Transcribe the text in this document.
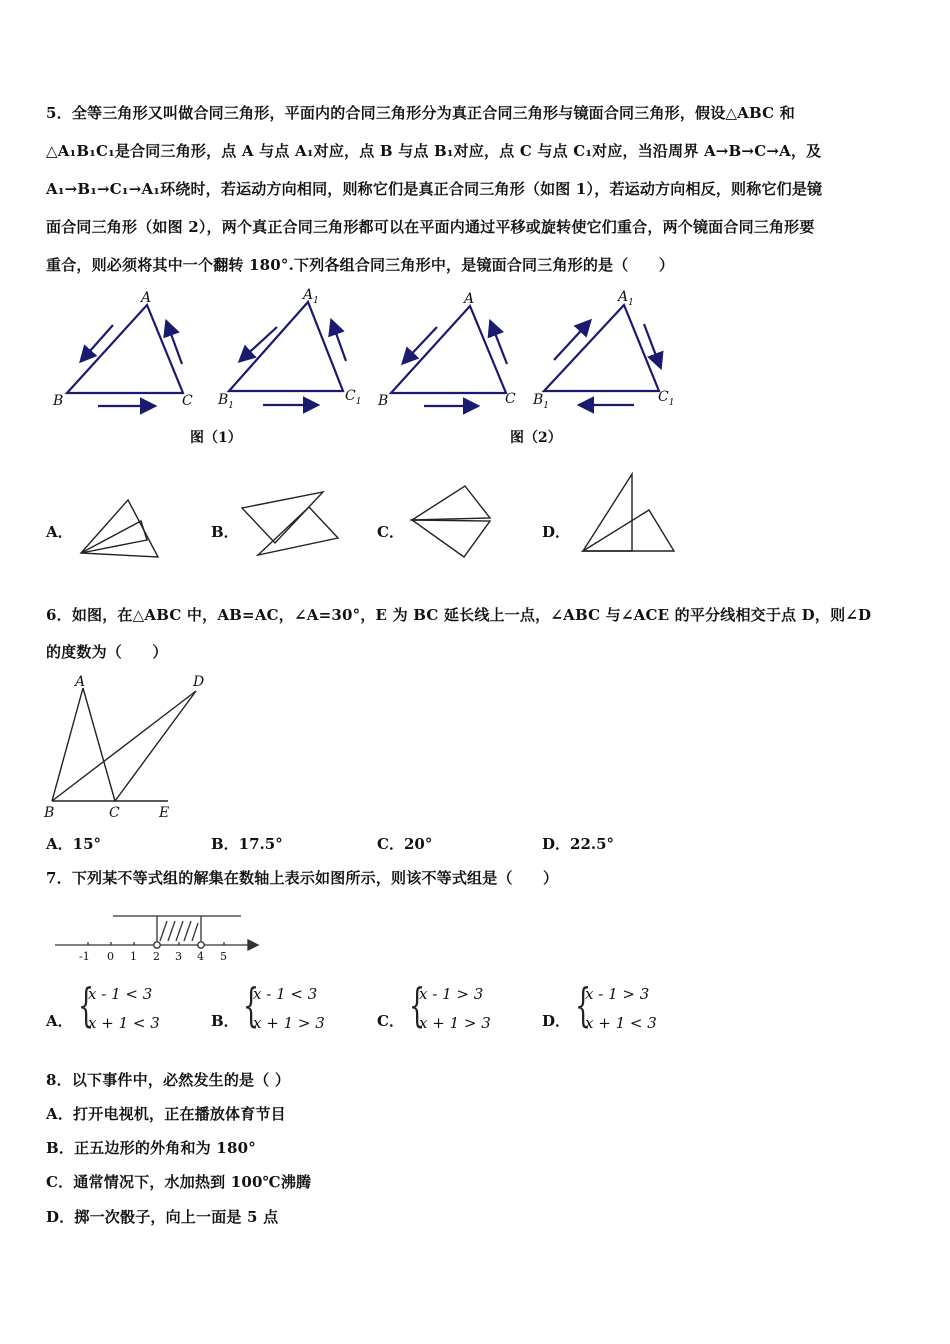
5．全等三角形又叫做合同三角形，平面内的合同三角形分为真正合同三角形与镜面合同三角形，假设△ABC 和
△A₁B₁C₁是合同三角形，点 A 与点 A₁对应，点 B 与点 B₁对应，点 C 与点 C₁对应，当沿周界 A→B→C→A，及
A₁→B₁→C₁→A₁环绕时，若运动方向相同，则称它们是真正合同三角形（如图 1），若运动方向相反，则称它们是镜
面合同三角形（如图 2），两个真正合同三角形都可以在平面内通过平移或旋转使它们重合，两个镜面合同三角形要
重合，则必须将其中一个翻转 180°.下列各组合同三角形中，是镜面合同三角形的是（　　）
A
B	C
$A_1$
$B_1$
$C_1$
A
B	C
$A_1$
$B_1$
$C_1$
A
B	C
D
E
图（1）	图（2）
A．	B．	C．	D．
6．如图，在△ABC 中，AB=AC，∠A=30°，E 为 BC 延长线上一点，∠ABC 与∠ACE 的平分线相交于点 D，则∠D
的度数为（　　）
A．15°	B．17.5°	C．20°	D．22.5°
7．下列某不等式组的解集在数轴上表示如图所示，则该不等式组是（　　）
-1 0 1 2 3 4 5
A． {
x - 1 < 3
x + 1 < 3	B． {
x - 1 < 3
x + 1 > 3	C． {
x - 1 > 3
x + 1 > 3	D． {
x - 1 > 3
x + 1 < 3
8．以下事件中，必然发生的是（ ）
A．打开电视机，正在播放体育节目
B．正五边形的外角和为 180°
C．通常情况下，水加热到 100℃沸腾
D．掷一次骰子，向上一面是 5 点
